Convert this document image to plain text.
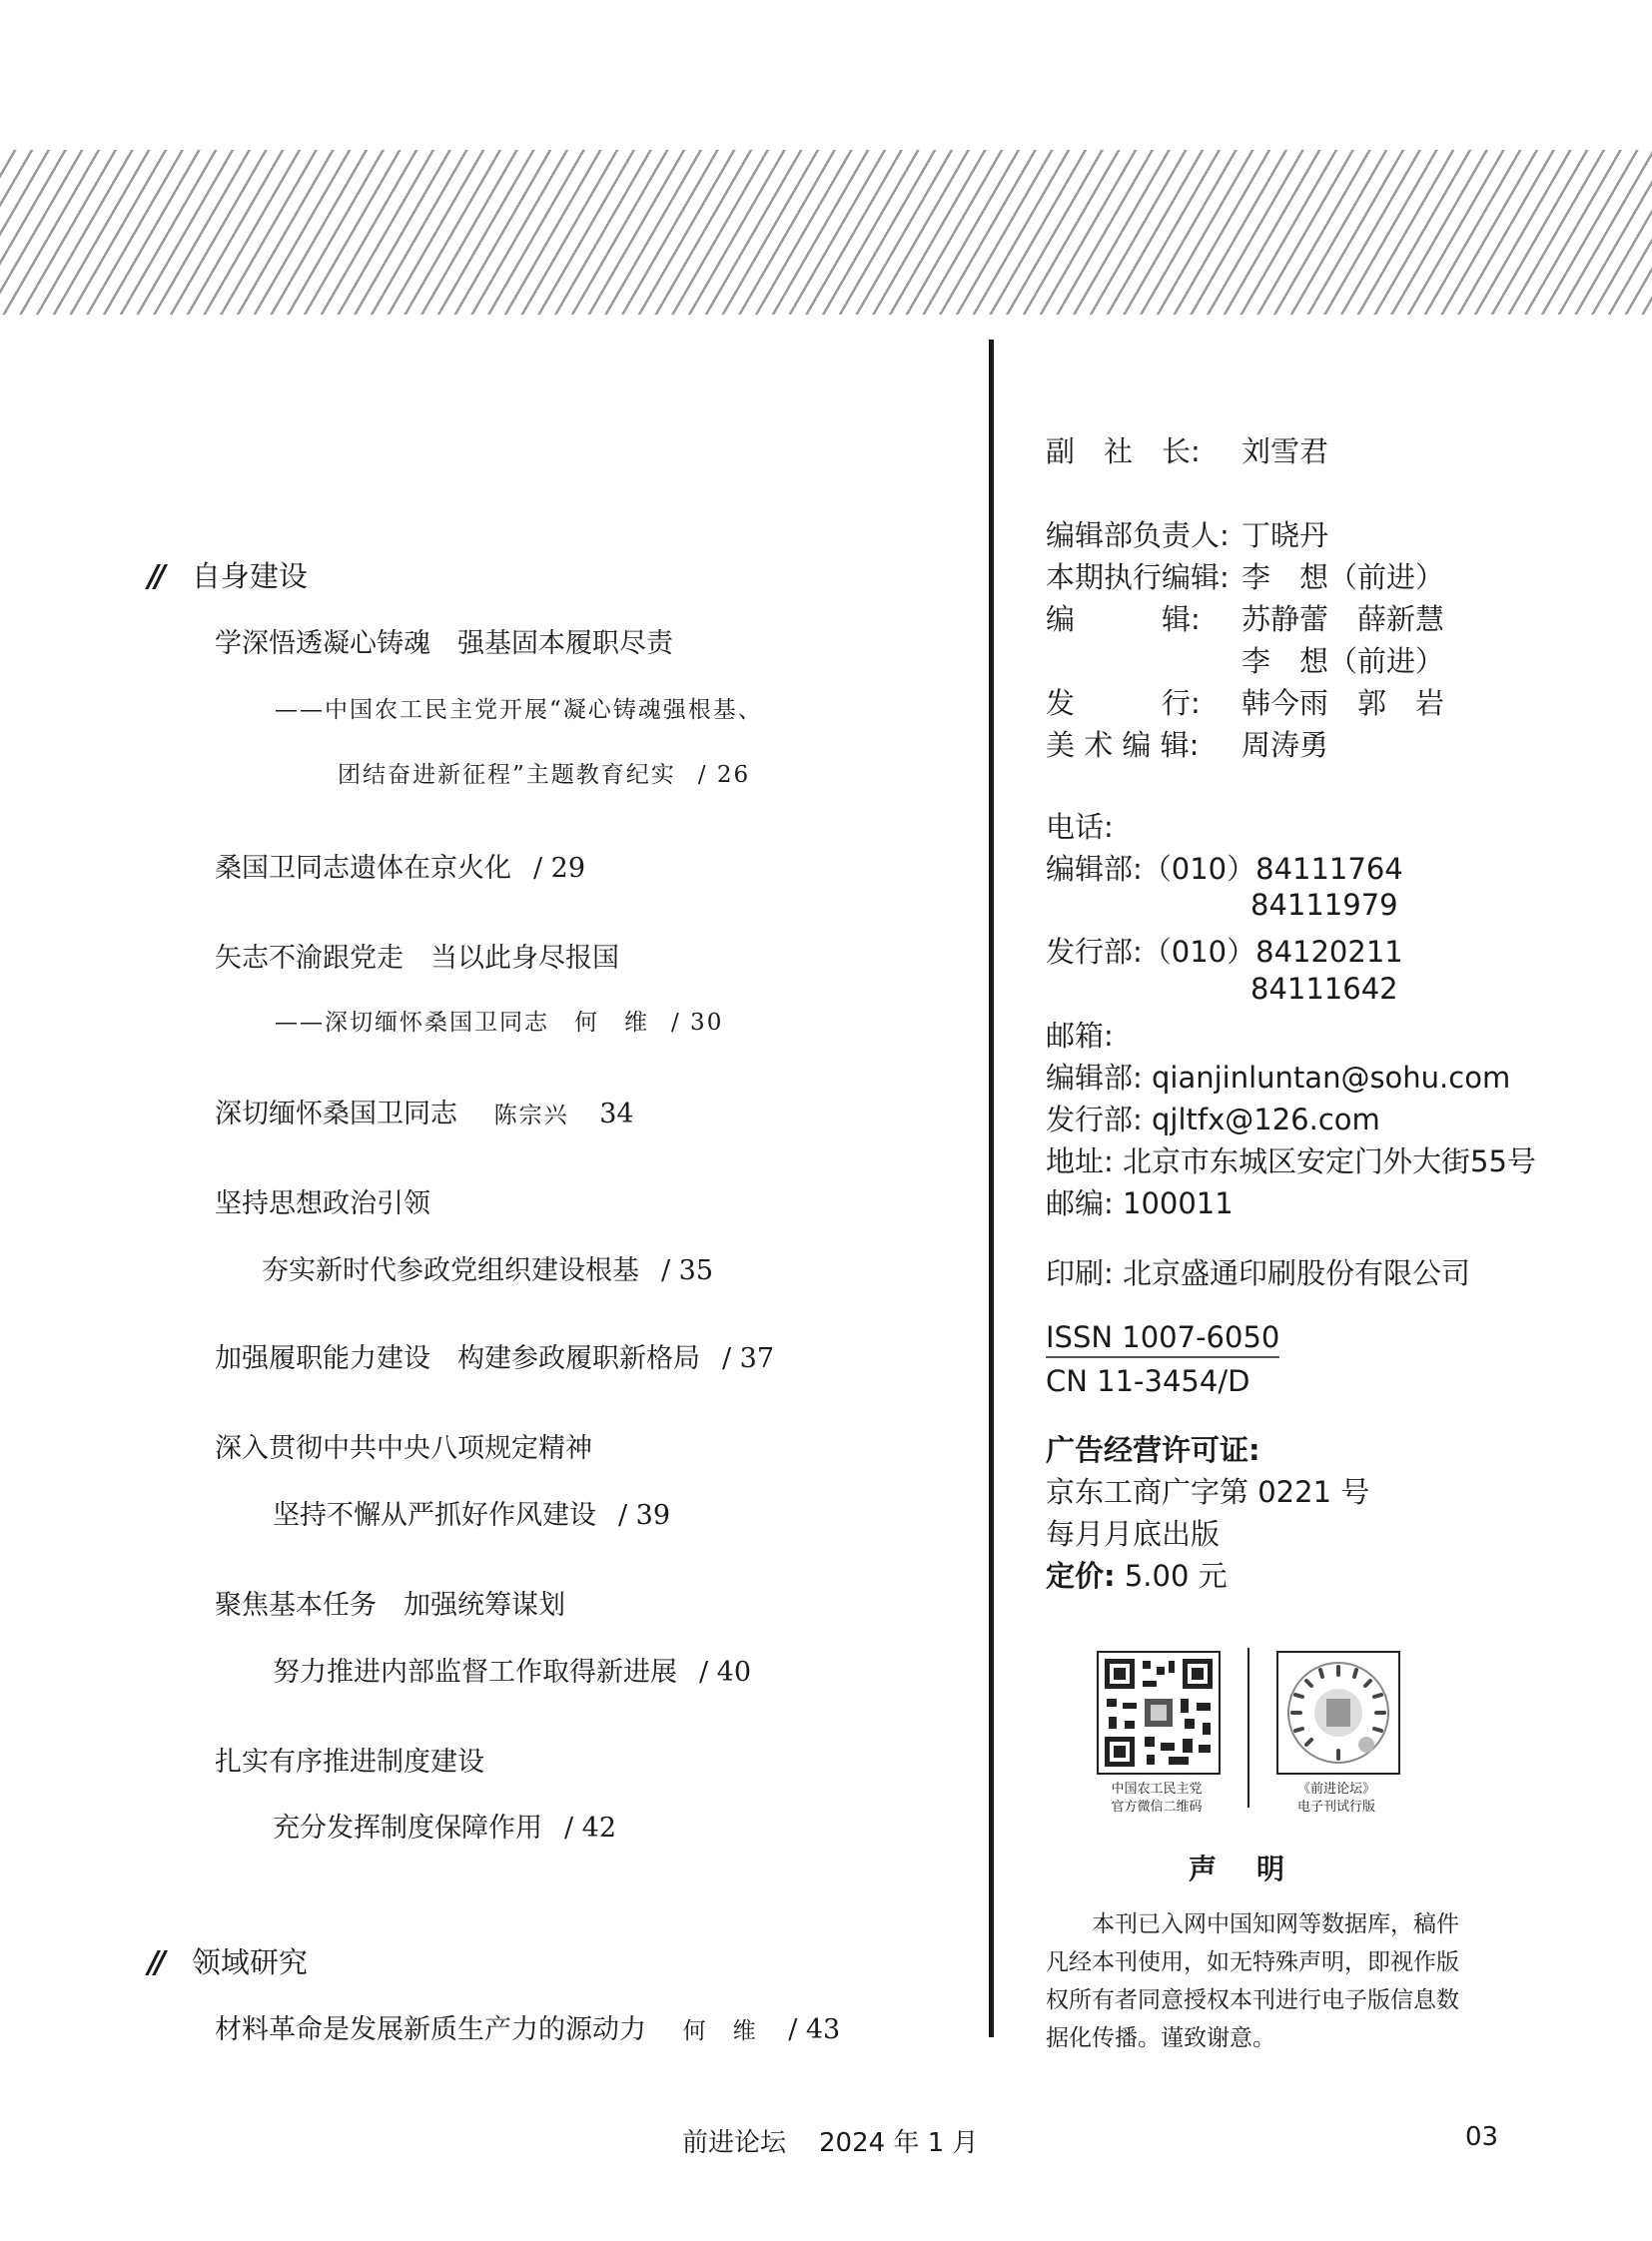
// 自身建设
学深悟透凝心铸魂　强基固本履职尽责
——中国农工民主党开展“凝心铸魂强根基、
团结奋进新征程”主题教育纪实 / 26
桑国卫同志遗体在京火化 / 29
矢志不渝跟党走　当以此身尽报国
——深切缅怀桑国卫同志　何　维 / 30
深切缅怀桑国卫同志 陈宗兴 34
坚持思想政治引领
夯实新时代参政党组织建设根基 / 35
加强履职能力建设　构建参政履职新格局 / 37
深入贯彻中共中央八项规定精神
坚持不懈从严抓好作风建设 / 39
聚焦基本任务　加强统筹谋划
努力推进内部监督工作取得新进展 / 40
扎实有序推进制度建设
充分发挥制度保障作用 / 42
// 领域研究
材料革命是发展新质生产力的源动力 何　维 / 43
副　社　长: 刘雪君
编辑部负责人: 丁晓丹
本期执行编辑: 李　想（前进）
编　　　辑: 苏静蕾　薛新慧
李　想（前进）
发　　　行: 韩今雨　郭　岩
美 术 编 辑: 周涛勇
电话:
编辑部:（010）84111764
84111979
发行部:（010）84120211
84111642
邮箱:
编辑部: qianjinluntan@sohu.com
发行部: qjltfx@126.com
地址: 北京市东城区安定门外大街55号
邮编: 100011
印刷: 北京盛通印刷股份有限公司
ISSN 1007-6050
CN 11-3454/D
广告经营许可证:
京东工商广字第 0221 号
每月月底出版
定价: 5.00 元
中国农工民主党
官方微信二维码
《前进论坛》
电子刊试行版
声明
　　本刊已入网中国知网等数据库，稿件凡经本刊使用，如无特殊声明，即视作版权所有者同意授权本刊进行电子版信息数据化传播。谨致谢意。
前进论坛 2024 年 1 月	03
